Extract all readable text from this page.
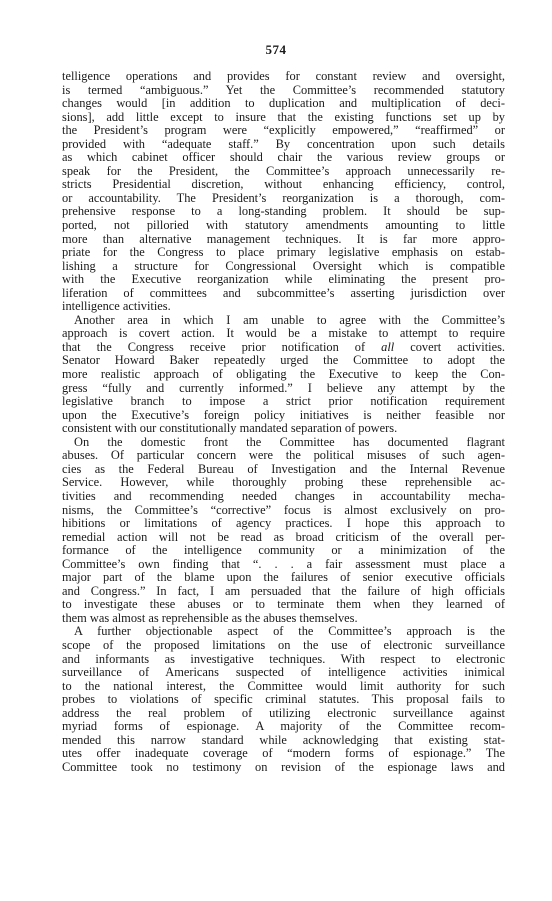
574
telligence operations and provides for constant review and oversight,
is termed “ambiguous.” Yet the Committee’s recommended statutory
changes would [in addition to duplication and multiplication of deci-
sions], add little except to insure that the existing functions set up by
the President’s program were “explicitly empowered,” “reaffirmed” or
provided with “adequate staff.” By concentration upon such details
as which cabinet officer should chair the various review groups or
speak for the President, the Committee’s approach unnecessarily re-
stricts Presidential discretion, without enhancing efficiency, control,
or accountability. The President’s reorganization is a thorough, com-
prehensive response to a long-standing problem. It should be sup-
ported, not pilloried with statutory amendments amounting to little
more than alternative management techniques. It is far more appro-
priate for the Congress to place primary legislative emphasis on estab-
lishing a structure for Congressional Oversight which is compatible
with the Executive reorganization while eliminating the present pro-
liferation of committees and subcommittee’s asserting jurisdiction over
intelligence activities.
Another area in which I am unable to agree with the Committee’s
approach is covert action. It would be a mistake to attempt to require
that the Congress receive prior notification of all covert activities.
Senator Howard Baker repeatedly urged the Committee to adopt the
more realistic approach of obligating the Executive to keep the Con-
gress “fully and currently informed.” I believe any attempt by the
legislative branch to impose a strict prior notification requirement
upon the Executive’s foreign policy initiatives is neither feasible nor
consistent with our constitutionally mandated separation of powers.
On the domestic front the Committee has documented flagrant
abuses. Of particular concern were the political misuses of such agen-
cies as the Federal Bureau of Investigation and the Internal Revenue
Service. However, while thoroughly probing these reprehensible ac-
tivities and recommending needed changes in accountability mecha-
nisms, the Committee’s “corrective” focus is almost exclusively on pro-
hibitions or limitations of agency practices. I hope this approach to
remedial action will not be read as broad criticism of the overall per-
formance of the intelligence community or a minimization of the
Committee’s own finding that “. . . a fair assessment must place a
major part of the blame upon the failures of senior executive officials
and Congress.” In fact, I am persuaded that the failure of high officials
to investigate these abuses or to terminate them when they learned of
them was almost as reprehensible as the abuses themselves.
A further objectionable aspect of the Committee’s approach is the
scope of the proposed limitations on the use of electronic surveillance
and informants as investigative techniques. With respect to electronic
surveillance of Americans suspected of intelligence activities inimical
to the national interest, the Committee would limit authority for such
probes to violations of specific criminal statutes. This proposal fails to
address the real problem of utilizing electronic surveillance against
myriad forms of espionage. A majority of the Committee recom-
mended this narrow standard while acknowledging that existing stat-
utes offer inadequate coverage of “modern forms of espionage.” The
Committee took no testimony on revision of the espionage laws and
